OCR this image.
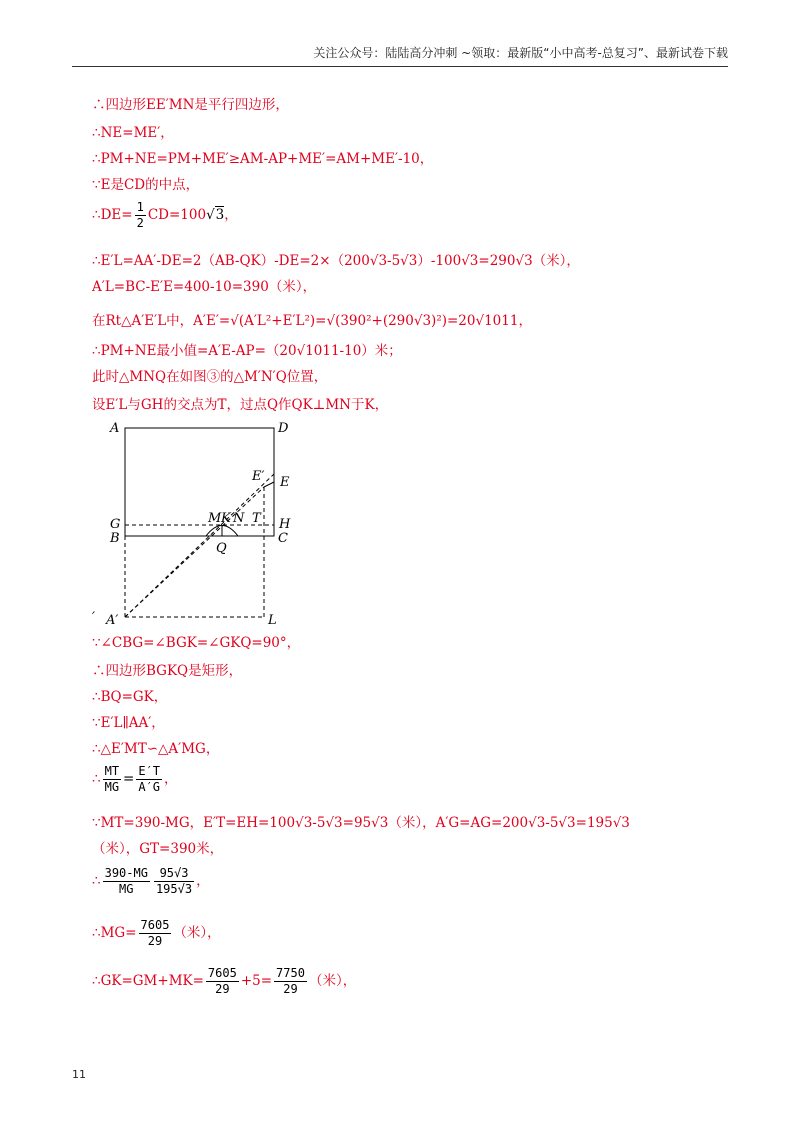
关注公众号：陆陆高分冲刺 ~领取：最新版“小中高考-总复习”、最新试卷下载
∴四边形EE′MN是平行四边形，
∴NE=ME′，
∴PM+NE=PM+ME′≥AM-AP+ME′=AM+ME′-10，
∵E是CD的中点，
∴DE= $\frac{1}{2} CD=100√3$，
∴E′L=AA′-DE=2（AB-QK）-DE=2×（200√3-5√3）-100√3=290√3（米），
A′L=BC-E′E=400-10=390（米），
在Rt△A′E′L中，A′E′=√(A′L²+E′L²)=√(390²+(290√3)²)=20√1011，
∴PM+NE最小值=A′E-AP=（20√1011-10）米；
此时△MNQ在如图③的△M′N′Q位置，
设E′L与GH的交点为T，过点Q作QK⊥MN于K，
A	D
E′ E
G
B
M K N T H
C
Q
′ A′	L
∵∠CBG=∠BGK=∠GKQ=90°，
∴四边形BGKQ是矩形，
∴BQ=GK，
∵E′L∥AA′，
∴△E′MT∽△A′MG，
∴ $\frac{MT}{MG} = \frac{E'T}{A'G}$ ，
∵MT=390-MG，E′T=EH=100√3-5√3=95√3（米），A′G=AG=200√3-5√3=195√3
（米），GT=390米，
∴ $\frac{390-MG}{MG} \frac{95√3}{195√3}$ ，
∴MG= $\frac{7605}{29}$ （米），
∴GK=GM+MK= $\frac{7605}{29} +5= \frac{7750}{29}$ （米），
11
